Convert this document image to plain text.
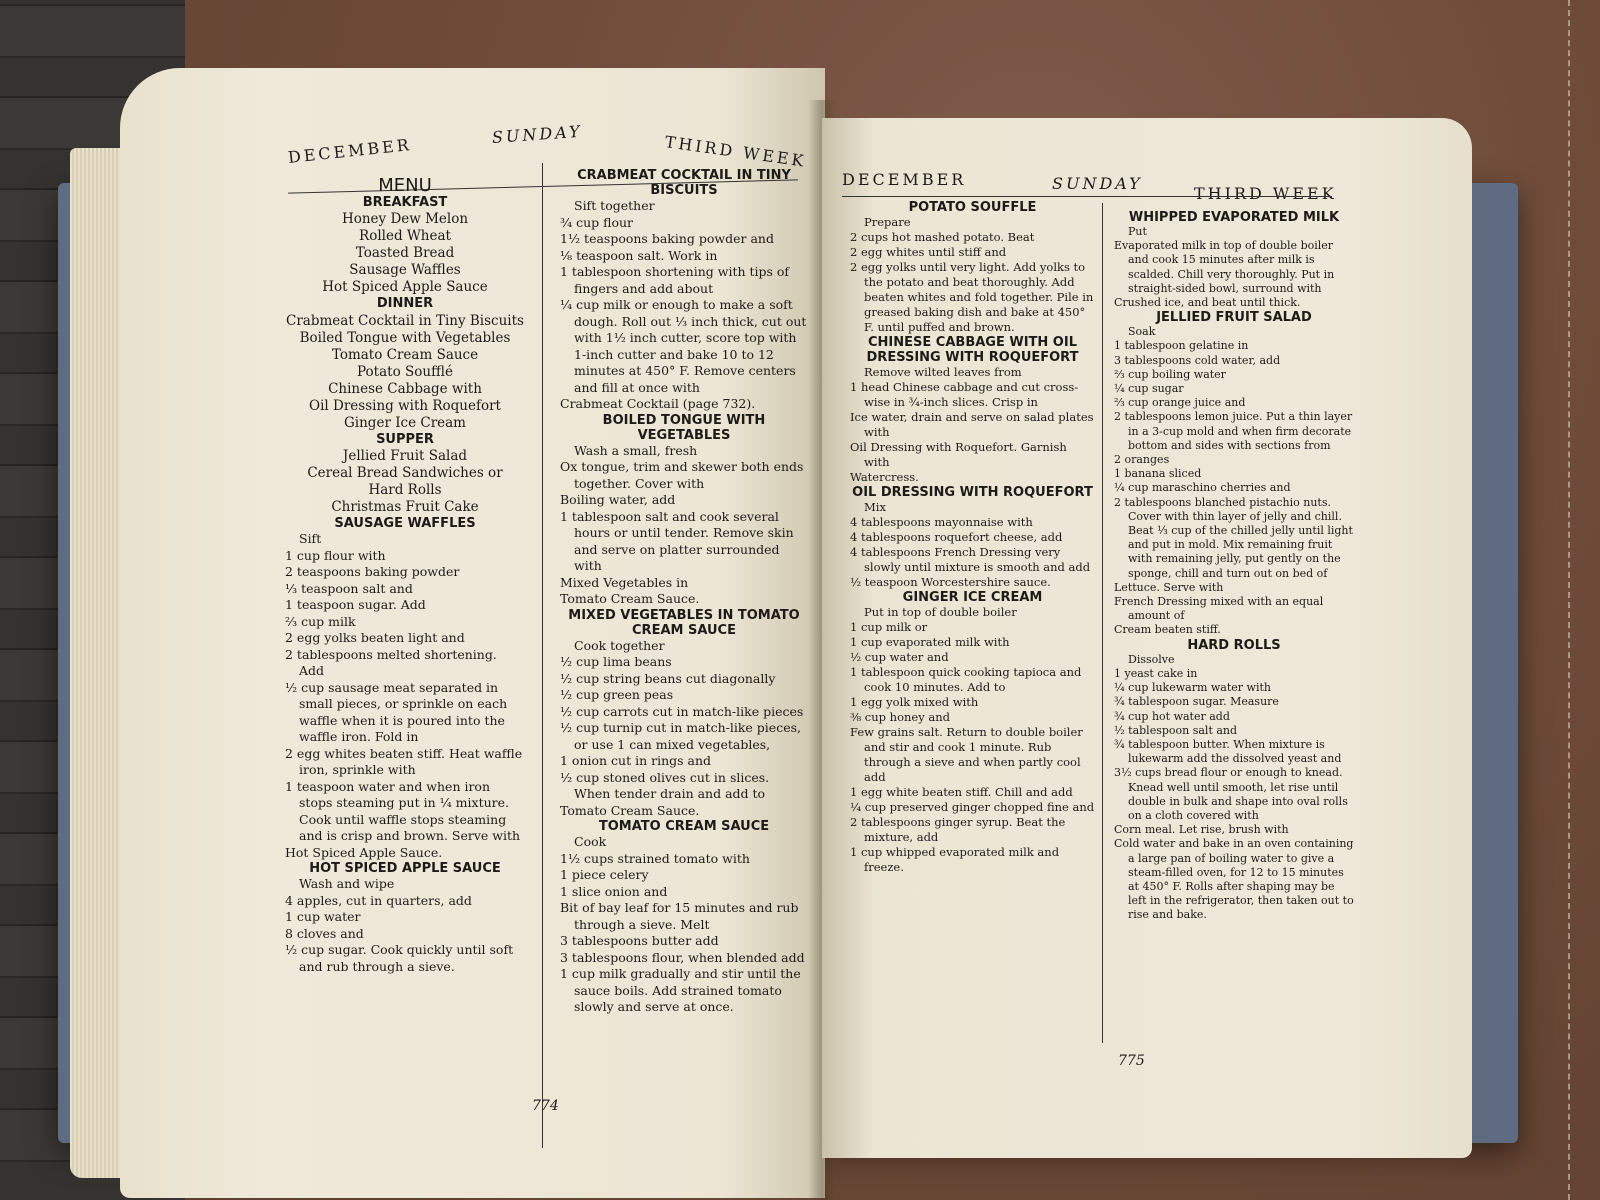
DECEMBER
SUNDAY	THIRD WEEK

MENU

BREAKFAST

Honey Dew Melon

Rolled Wheat

Toasted Bread

Sausage Waffles

Hot Spiced Apple Sauce

DINNER

Crabmeat Cocktail in Tiny Biscuits

Boiled Tongue with Vegetables

Tomato Cream Sauce

Potato Soufflé

Chinese Cabbage with

Oil Dressing with Roquefort

Ginger Ice Cream

SUPPER

Jellied Fruit Salad

Cereal Bread Sandwiches or

Hard Rolls

Christmas Fruit Cake

SAUSAGE WAFFLES

Sift

1 cup flour with

2 teaspoons baking powder

⅓ teaspoon salt and

1 teaspoon sugar. Add

⅔ cup milk

2 egg yolks beaten light and

2 tablespoons melted shortening. Add

½ cup sausage meat separated in small pieces, or sprinkle on each waffle when it is poured into the waffle iron. Fold in

2 egg whites beaten stiff. Heat waffle iron, sprinkle with

1 teaspoon water and when iron stops steaming put in ¼ mixture. Cook until waffle stops steaming and is crisp and brown. Serve with

Hot Spiced Apple Sauce.

HOT SPICED APPLE SAUCE

Wash and wipe

4 apples, cut in quarters, add

1 cup water

8 cloves and

½ cup sugar. Cook quickly until soft and rub through a sieve.

CRABMEAT COCKTAIL IN TINY BISCUITS

Sift together

¾ cup flour

1½ teaspoons baking powder and

⅛ teaspoon salt. Work in

1 tablespoon shortening with tips of fingers and add about

¼ cup milk or enough to make a soft dough. Roll out ⅓ inch thick, cut out with 1½ inch cutter, score top with 1-inch cutter and bake 10 to 12 minutes at 450° F. Remove centers and fill at once with

Crabmeat Cocktail (page 732).

BOILED TONGUE WITH VEGETABLES

Wash a small, fresh

Ox tongue, trim and skewer both ends together. Cover with

Boiling water, add

1 tablespoon salt and cook several hours or until tender. Remove skin and serve on platter surrounded with

Mixed Vegetables in

Tomato Cream Sauce.

MIXED VEGETABLES IN TOMATO CREAM SAUCE

Cook together

½ cup lima beans

½ cup string beans cut diagonally

½ cup green peas

½ cup carrots cut in match-like pieces

½ cup turnip cut in match-like pieces, or use 1 can mixed vegetables,

1 onion cut in rings and

½ cup stoned olives cut in slices. When tender drain and add to

Tomato Cream Sauce.

TOMATO CREAM SAUCE

Cook

1½ cups strained tomato with

1 piece celery

1 slice onion and

Bit of bay leaf for 15 minutes and rub through a sieve. Melt

3 tablespoons butter add

3 tablespoons flour, when blended add

1 cup milk gradually and stir until the sauce boils. Add strained tomato slowly and serve at once.

774
DECEMBER	SUNDAY
THIRD WEEK

POTATO SOUFFLE

Prepare

2 cups hot mashed potato. Beat

2 egg whites until stiff and

2 egg yolks until very light. Add yolks to the potato and beat thoroughly. Add beaten whites and fold together. Pile in greased baking dish and bake at 450° F. until puffed and brown.

CHINESE CABBAGE WITH OIL DRESSING WITH ROQUEFORT

Remove wilted leaves from

1 head Chinese cabbage and cut cross-wise in ¾-inch slices. Crisp in

Ice water, drain and serve on salad plates with

Oil Dressing with Roquefort. Garnish with

Watercress.

OIL DRESSING WITH ROQUEFORT

Mix

4 tablespoons mayonnaise with

4 tablespoons roquefort cheese, add

4 tablespoons French Dressing very slowly until mixture is smooth and add

½ teaspoon Worcestershire sauce.

GINGER ICE CREAM

Put in top of double boiler

1 cup milk or

1 cup evaporated milk with

½ cup water and

1 tablespoon quick cooking tapioca and cook 10 minutes. Add to

1 egg yolk mixed with

⅜ cup honey and

Few grains salt. Return to double boiler and stir and cook 1 minute. Rub through a sieve and when partly cool add

1 egg white beaten stiff. Chill and add

¼ cup preserved ginger chopped fine and

2 tablespoons ginger syrup. Beat the mixture, add

1 cup whipped evaporated milk and freeze.

WHIPPED EVAPORATED MILK

Put

Evaporated milk in top of double boiler and cook 15 minutes after milk is scalded. Chill very thoroughly. Put in straight-sided bowl, surround with

Crushed ice, and beat until thick.

JELLIED FRUIT SALAD

Soak

1 tablespoon gelatine in

3 tablespoons cold water, add

⅔ cup boiling water

¼ cup sugar

⅔ cup orange juice and

2 tablespoons lemon juice. Put a thin layer in a 3-cup mold and when firm decorate bottom and sides with sections from

2 oranges

1 banana sliced

¼ cup maraschino cherries and

2 tablespoons blanched pistachio nuts. Cover with thin layer of jelly and chill. Beat ⅓ cup of the chilled jelly until light and put in mold. Mix remaining fruit with remaining jelly, put gently on the sponge, chill and turn out on bed of

Lettuce. Serve with

French Dressing mixed with an equal amount of

Cream beaten stiff.

HARD ROLLS

Dissolve

1 yeast cake in

¼ cup lukewarm water with

¾ tablespoon sugar. Measure

¾ cup hot water add

½ tablespoon salt and

¾ tablespoon butter. When mixture is lukewarm add the dissolved yeast and

3½ cups bread flour or enough to knead. Knead well until smooth, let rise until double in bulk and shape into oval rolls on a cloth covered with

Corn meal. Let rise, brush with

Cold water and bake in an oven containing a large pan of boiling water to give a steam-filled oven, for 12 to 15 minutes at 450° F. Rolls after shaping may be left in the refrigerator, then taken out to rise and bake.

775
